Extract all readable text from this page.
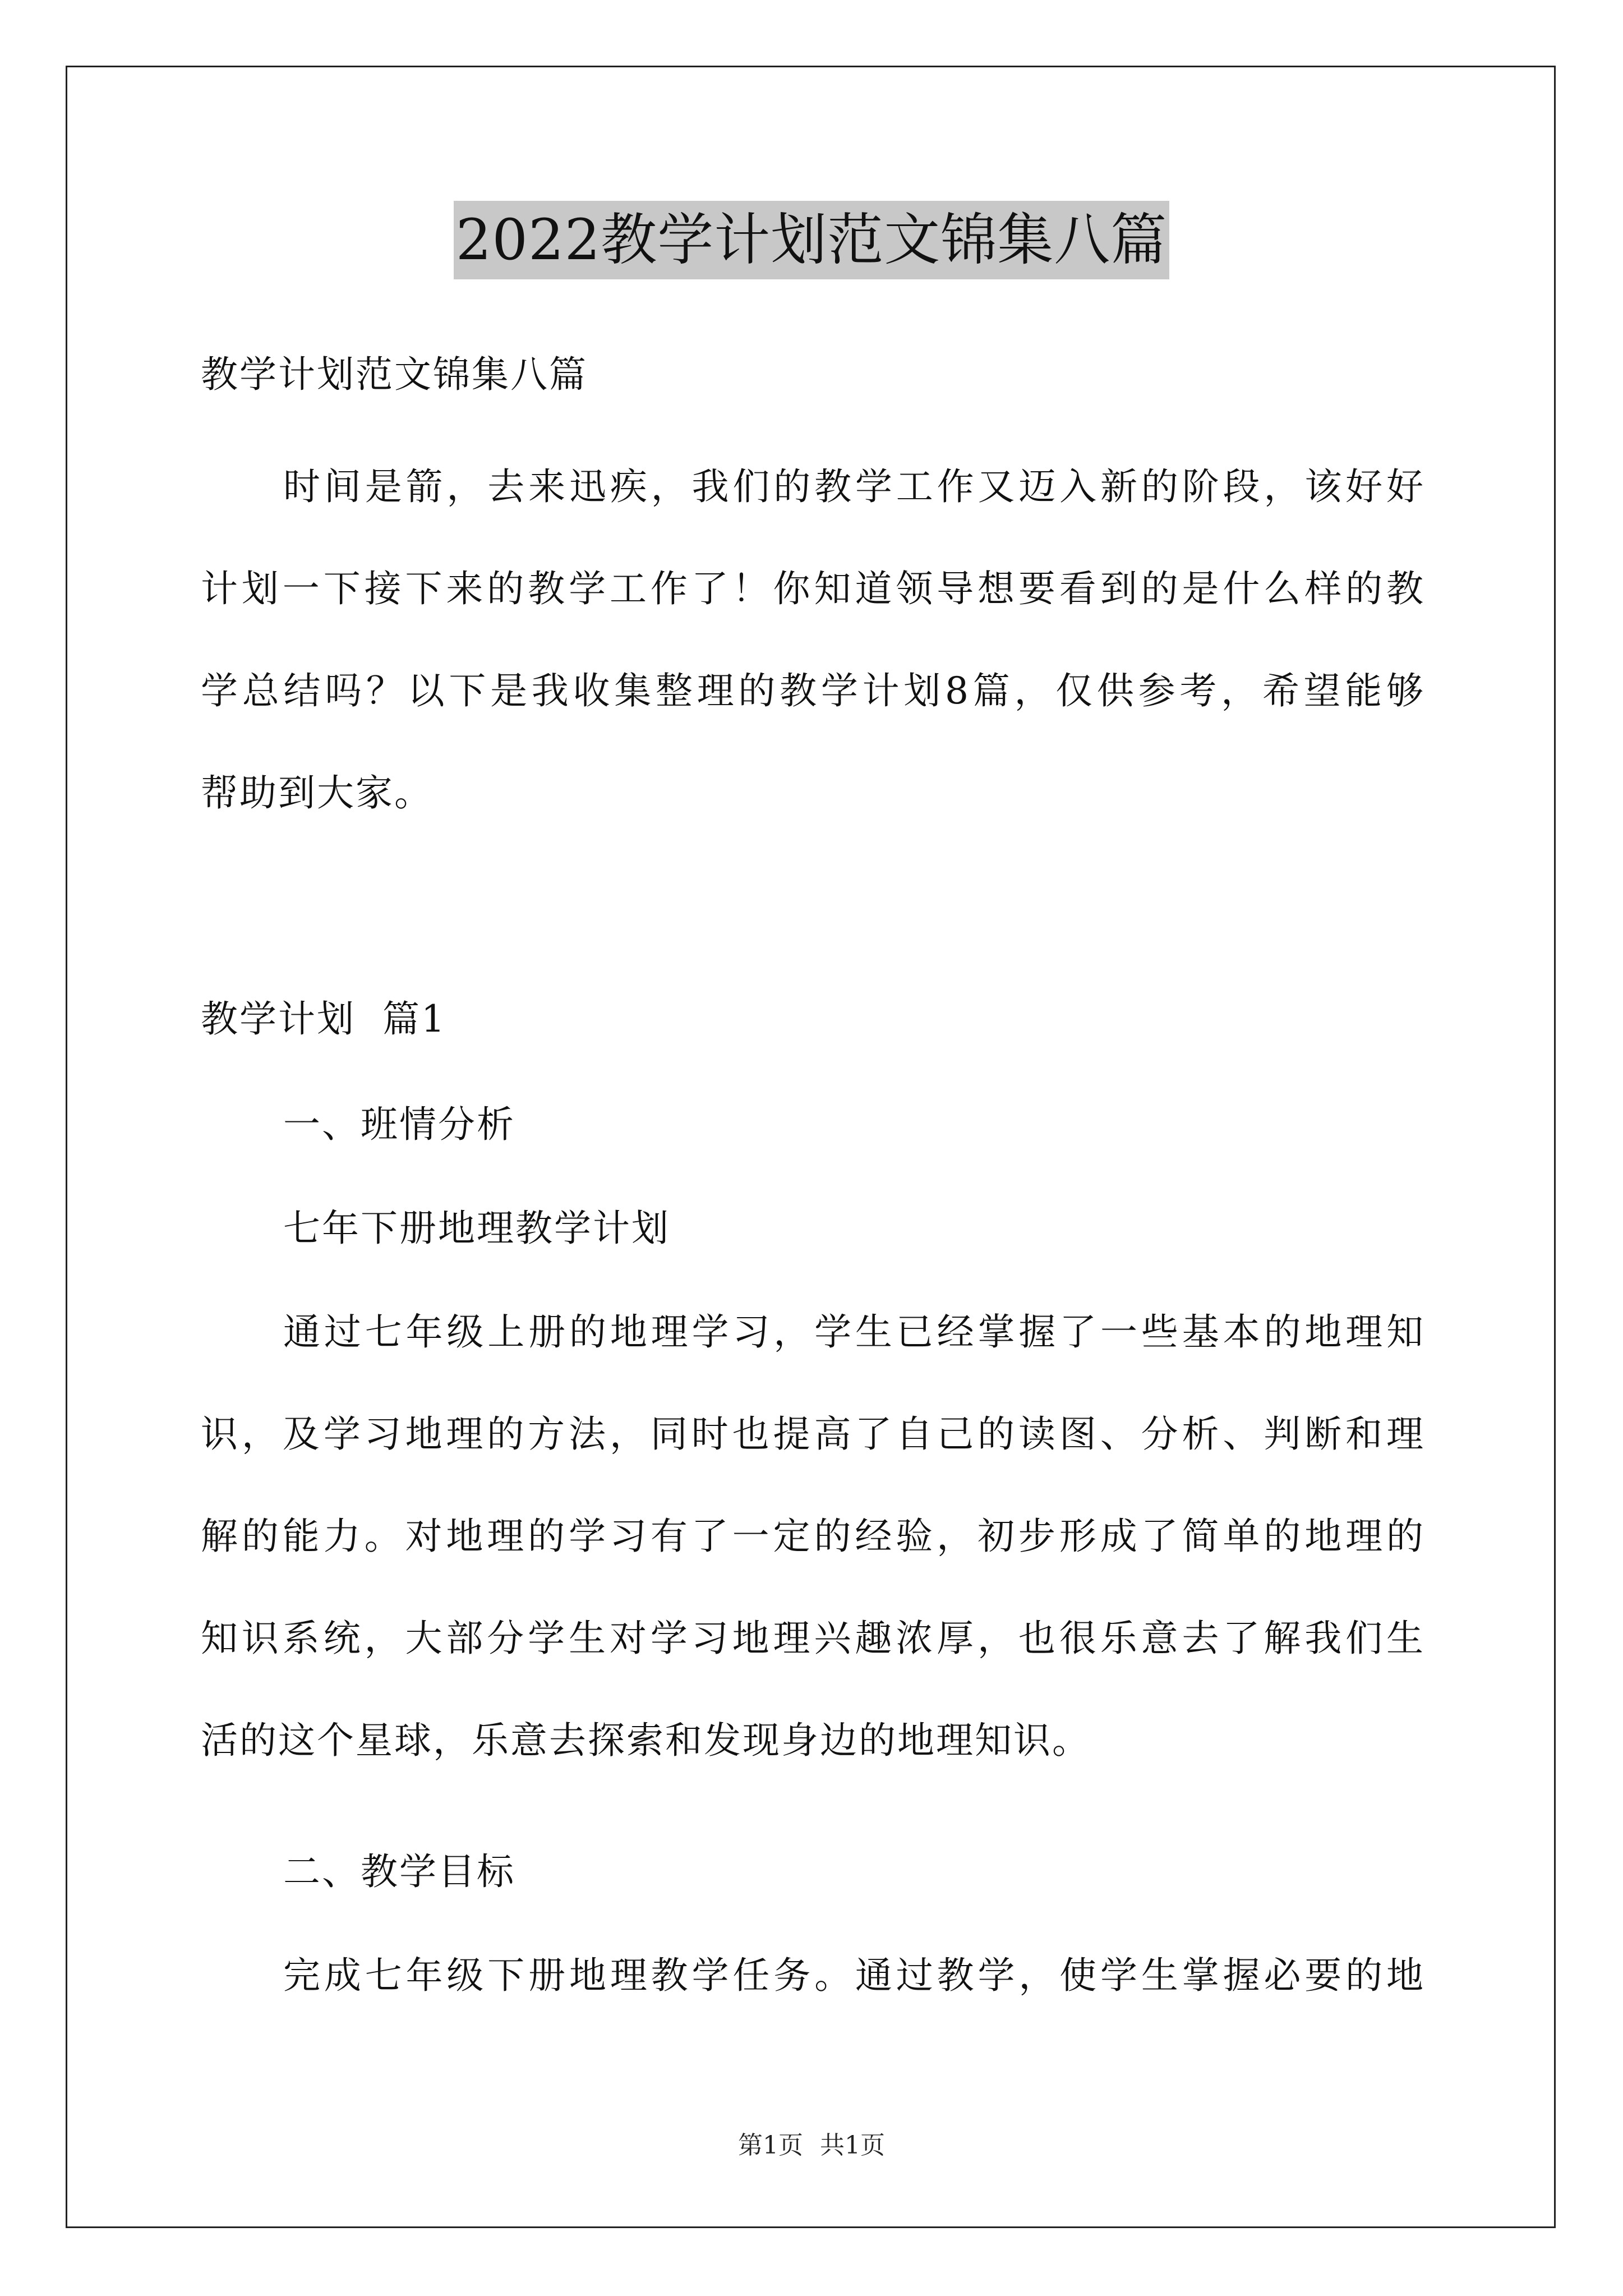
2022教学计划范文锦集八篇
教学计划范文锦集八篇
时间是箭，去来迅疾，我们的教学工作又迈入新的阶段，该好好
计划一下接下来的教学工作了！你知道领导想要看到的是什么样的教
学总结吗？以下是我收集整理的教学计划8篇，仅供参考，希望能够
帮助到大家。
教学计划  篇1
一、班情分析
七年下册地理教学计划
通过七年级上册的地理学习，学生已经掌握了一些基本的地理知
识，及学习地理的方法，同时也提高了自己的读图、分析、判断和理
解的能力。对地理的学习有了一定的经验，初步形成了简单的地理的
知识系统，大部分学生对学习地理兴趣浓厚，也很乐意去了解我们生
活的这个星球，乐意去探索和发现身边的地理知识。
二、教学目标
完成七年级下册地理教学任务。通过教学，使学生掌握必要的地
第1页 共1页
